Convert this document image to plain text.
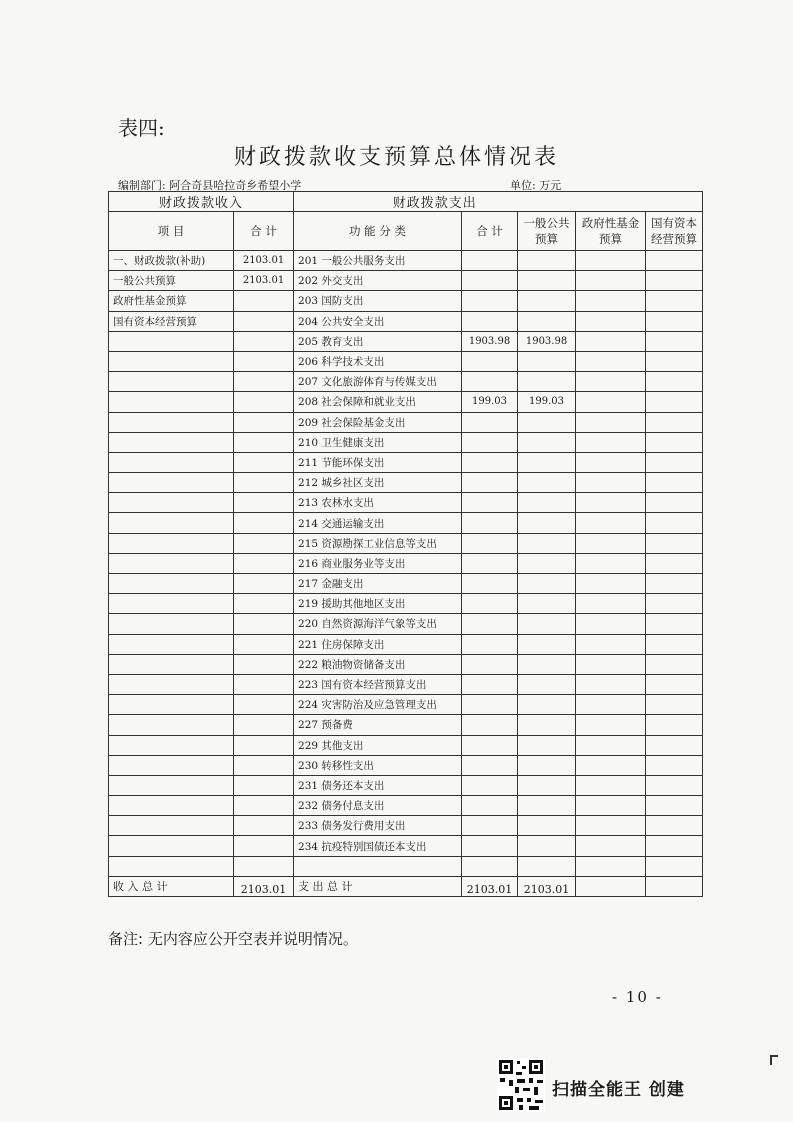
表四:
财政拨款收支预算总体情况表
编制部门: 阿合奇县哈拉奇乡希望小学	单位: 万元
财政拨款收入		财政拨款支出				
项 目	合 计	功 能 分 类	合 计	一般公共预算	政府性基金预算	国有资本经营预算
一、财政拨款(补助)	2103.01	201 一般公共服务支出				
一般公共预算	2103.01	202 外交支出				
政府性基金预算		203 国防支出				
国有资本经营预算		204 公共安全支出				
		205 教育支出	1903.98	1903.98		
		206 科学技术支出				
		207 文化旅游体育与传媒支出				
		208 社会保障和就业支出	199.03	199.03		
		209 社会保险基金支出				
		210 卫生健康支出				
		211 节能环保支出				
		212 城乡社区支出				
		213 农林水支出				
		214 交通运输支出				
		215 资源勘探工业信息等支出				
		216 商业服务业等支出				
		217 金融支出				
		219 援助其他地区支出				
		220 自然资源海洋气象等支出				
		221 住房保障支出				
		222 粮油物资储备支出				
		223 国有资本经营预算支出				
		224 灾害防治及应急管理支出				
		227 预备费				
		229 其他支出				
		230 转移性支出				
		231 债务还本支出				
		232 债务付息支出				
		233 债务发行费用支出				
		234 抗疫特别国债还本支出				

收 入 总 计	2103.01	支 出 总 计	2103.01	2103.01		
备注: 无内容应公开空表并说明情况。
- 10 -
扫描全能王 创建
